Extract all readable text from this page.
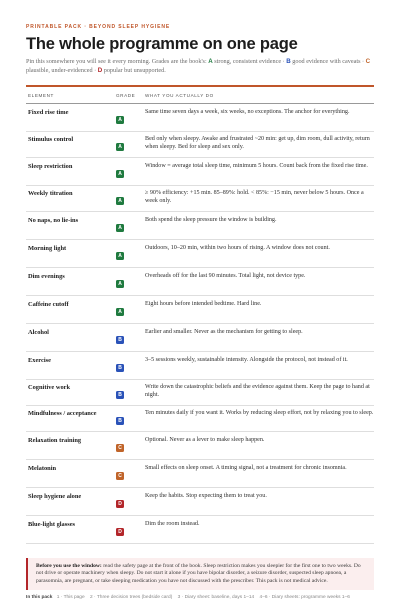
PRINTABLE PACK · BEYOND SLEEP HYGIENE
The whole programme on one page

Pin this somewhere you will see it every morning. Grades are the book's: A strong, consistent evidence · B good evidence with caveats · C plausible, under-evidenced · D popular but unsupported.

ELEMENT	GRADE	WHAT YOU ACTUALLY DO
Fixed rise time
A
Same time seven days a week, six weeks, no exceptions. The anchor for everything.
Stimulus control
A
Bed only when sleepy. Awake and frustrated ~20 min: get up, dim room, dull activity, return when sleepy. Bed for sleep and sex only.
Sleep restriction
A
Window = average total sleep time, minimum 5 hours. Count back from the fixed rise time.
Weekly titration
A
≥ 90% efficiency: +15 min. 85–89%: hold. < 85%: −15 min, never below 5 hours. Once a week only.
No naps, no lie-ins
A
Both spend the sleep pressure the window is building.
Morning light
A
Outdoors, 10–20 min, within two hours of rising. A window does not count.
Dim evenings
A
Overheads off for the last 90 minutes. Total light, not device type.
Caffeine cutoff
A
Eight hours before intended bedtime. Hard line.
Alcohol
B
Earlier and smaller. Never as the mechanism for getting to sleep.
Exercise
B
3–5 sessions weekly, sustainable intensity. Alongside the protocol, not instead of it.
Cognitive work
B
Write down the catastrophic beliefs and the evidence against them. Keep the page to hand at night.
Mindfulness / acceptance
B
Ten minutes daily if you want it. Works by reducing sleep effort, not by relaxing you to sleep.
Relaxation training
C
Optional. Never as a lever to make sleep happen.
Melatonin
C
Small effects on sleep onset. A timing signal, not a treatment for chronic insomnia.
Sleep hygiene alone
D
Keep the habits. Stop expecting them to treat you.
Blue-light glasses
D
Dim the room instead.
Before you use the window: read the safety page at the front of the book. Sleep restriction makes you sleepier for the first one to two weeks. Do not drive or operate machinery when sleepy. Do not start it alone if you have bipolar disorder, a seizure disorder, suspected sleep apnoea, a parasomnia, are pregnant, or take sleeping medication you have not discussed with the prescriber. This pack is not medical advice.
In this pack 1 · This page 2 · Three decision trees (bedside card) 3 · Diary sheet: baseline, days 1–14 4–6 · Diary sheets: programme weeks 1–6
